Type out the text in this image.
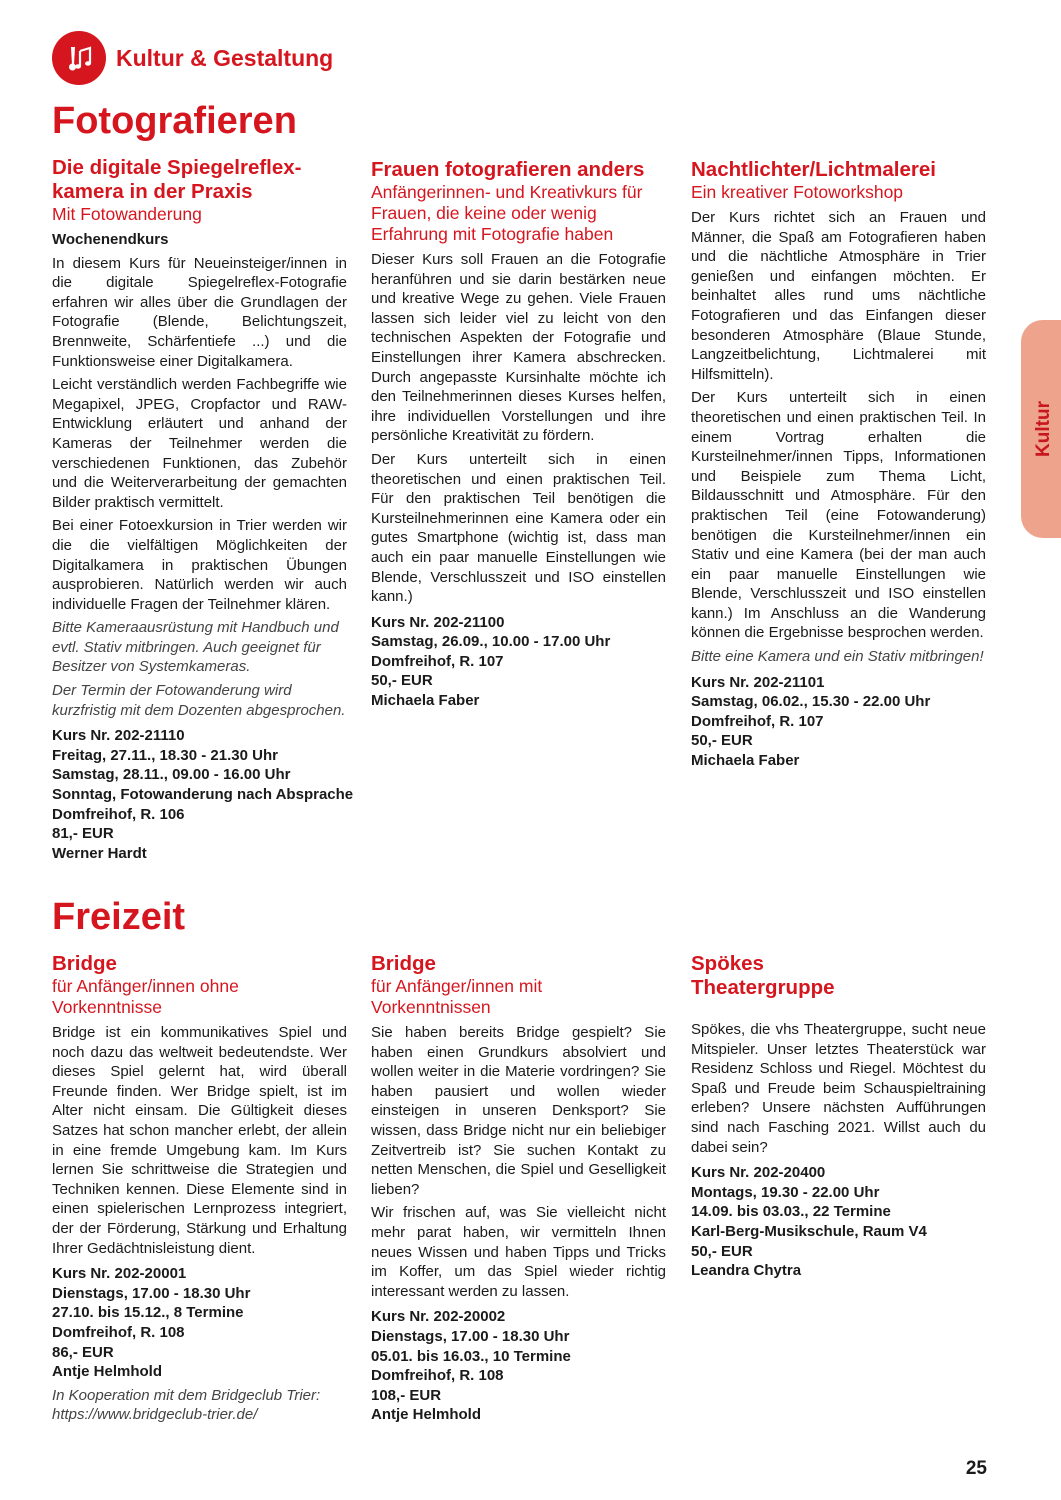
Kultur & Gestaltung
Fotografieren
Die digitale Spiegelreflex-
kamera in der Praxis
Mit Fotowanderung
Wochenendkurs

In diesem Kurs für Neueinsteiger/innen in die digitale Spiegelreflex-Fotografie erfahren wir alles über die Grundlagen der Fotografie (Blende, Belichtungszeit, Brennweite, Schärfentiefe ...) und die Funktionsweise einer Digitalkamera.

Leicht verständlich werden Fachbegriffe wie Megapixel, JPEG, Cropfactor und RAW-Entwicklung erläutert und anhand der Kameras der Teilnehmer werden die verschiedenen Funktionen, das Zubehör und die Weiterverarbeitung der gemachten Bilder praktisch vermittelt.

Bei einer Fotoexkursion in Trier werden wir die die vielfältigen Möglichkeiten der Digitalkamera in praktischen Übungen ausprobieren. Natürlich werden wir auch individuelle Fragen der Teilnehmer klären.

Bitte Kameraausrüstung mit Handbuch und evtl. Stativ mitbringen. Auch geeignet für Besitzer von Systemkameras.

Der Termin der Fotowanderung wird kurzfristig mit dem Dozenten abgesprochen.

Kurs Nr. 202-21110
Freitag, 27.11., 18.30 - 21.30 Uhr
Samstag, 28.11., 09.00 - 16.00 Uhr
Sonntag, Fotowanderung nach Absprache
Domfreihof, R. 106
81,- EUR
Werner Hardt
Frauen fotografieren anders
Anfängerinnen- und Kreativkurs für Frauen, die keine oder wenig Erfahrung mit Fotografie haben

Dieser Kurs soll Frauen an die Fotografie heranführen und sie darin bestärken neue und kreative Wege zu gehen. Viele Frauen lassen sich leider viel zu leicht von den technischen Aspekten der Fotografie und Einstellungen ihrer Kamera abschrecken. Durch angepasste Kursinhalte möchte ich den Teilnehmerinnen dieses Kurses helfen, ihre individuellen Vorstellungen und ihre persönliche Kreativität zu fördern.

Der Kurs unterteilt sich in einen theoretischen und einen praktischen Teil. Für den praktischen Teil benötigen die Kursteilnehmerinnen eine Kamera oder ein gutes Smartphone (wichtig ist, dass man auch ein paar manuelle Einstellungen wie Blende, Verschlusszeit und ISO einstellen kann.)

Kurs Nr. 202-21100
Samstag, 26.09., 10.00 - 17.00 Uhr
Domfreihof, R. 107
50,- EUR
Michaela Faber
Nachtlichter/Lichtmalerei
Ein kreativer Fotoworkshop

Der Kurs richtet sich an Frauen und Männer, die Spaß am Fotografieren haben und die nächtliche Atmosphäre in Trier genießen und einfangen möchten. Er beinhaltet alles rund ums nächtliche Fotografieren und das Einfangen dieser besonderen Atmosphäre (Blaue Stunde, Langzeitbelichtung, Lichtmalerei mit Hilfsmitteln).

Der Kurs unterteilt sich in einen theoretischen und einen praktischen Teil. In einem Vortrag erhalten die Kursteilnehmer/innen Tipps, Informationen und Beispiele zum Thema Licht, Bildausschnitt und Atmosphäre. Für den praktischen Teil (eine Fotowanderung) benötigen die Kursteilnehmer/innen ein Stativ und eine Kamera (bei der man auch ein paar manuelle Einstellungen wie Blende, Verschlusszeit und ISO einstellen kann.) Im Anschluss an die Wanderung können die Ergebnisse besprochen werden.

Bitte eine Kamera und ein Stativ mitbringen!

Kurs Nr. 202-21101
Samstag, 06.02., 15.30 - 22.00 Uhr
Domfreihof, R. 107
50,- EUR
Michaela Faber
Freizeit
Bridge
für Anfänger/innen ohne Vorkenntnisse

Bridge ist ein kommunikatives Spiel und noch dazu das weltweit bedeutendste. Wer dieses Spiel gelernt hat, wird überall Freunde finden. Wer Bridge spielt, ist im Alter nicht einsam. Die Gültigkeit dieses Satzes hat schon mancher erlebt, der allein in eine fremde Umgebung kam. Im Kurs lernen Sie schrittweise die Strategien und Techniken kennen. Diese Elemente sind in einen spielerischen Lernprozess integriert, der der Förderung, Stärkung und Erhaltung Ihrer Gedächtnisleistung dient.

Kurs Nr. 202-20001
Dienstags, 17.00 - 18.30 Uhr
27.10. bis 15.12., 8 Termine
Domfreihof, R. 108
86,- EUR
Antje Helmhold

In Kooperation mit dem Bridgeclub Trier: https://www.bridgeclub-trier.de/

Bridge
für Anfänger/innen mit Vorkenntnissen

Sie haben bereits Bridge gespielt? Sie haben einen Grundkurs absolviert und wollen weiter in die Materie vordringen? Sie haben pausiert und wollen wieder einsteigen in unseren Denksport? Sie wissen, dass Bridge nicht nur ein beliebiger Zeitvertreib ist? Sie suchen Kontakt zu netten Menschen, die Spiel und Geselligkeit lieben?

Wir frischen auf, was Sie vielleicht nicht mehr parat haben, wir vermitteln Ihnen neues Wissen und haben Tipps und Tricks im Koffer, um das Spiel wieder richtig interessant werden zu lassen.

Kurs Nr. 202-20002
Dienstags, 17.00 - 18.30 Uhr
05.01. bis 16.03., 10 Termine
Domfreihof, R. 108
108,- EUR
Antje Helmhold
Spökes
Theatergruppe

Spökes, die vhs Theatergruppe, sucht neue Mitspieler. Unser letztes Theaterstück war Residenz Schloss und Riegel. Möchtest du Spaß und Freude beim Schauspieltraining erleben? Unsere nächsten Aufführungen sind nach Fasching 2021. Willst auch du dabei sein?

Kurs Nr. 202-20400
Montags, 19.30 - 22.00 Uhr
14.09. bis 03.03., 22 Termine
Karl-Berg-Musikschule, Raum V4
50,- EUR
Leandra Chytra
Kultur
25
